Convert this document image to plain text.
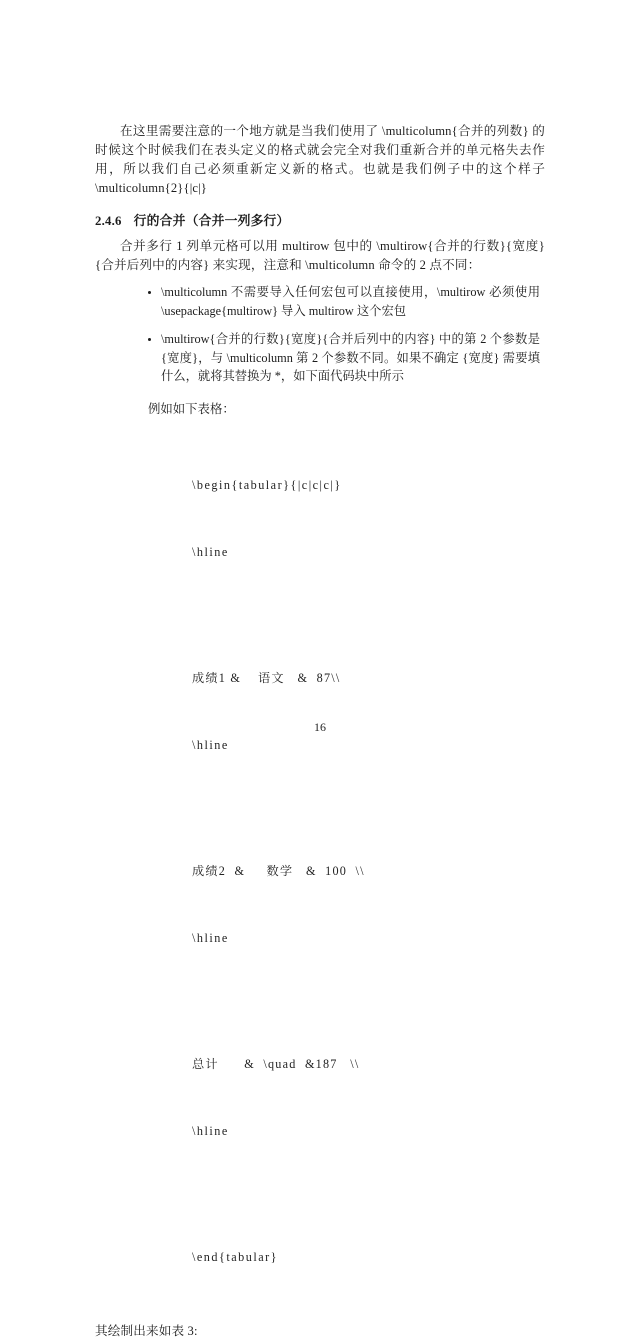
在这里需要注意的一个地方就是当我们使用了 \multicolumn{合并的列数} 的时候这个时候我们在表头定义的格式就会完全对我们重新合并的单元格失去作用，所以我们自己必须重新定义新的格式。也就是我们例子中的这个样子 \multicolumn{2}{|c|}

2.4.6 行的合并（合并一列多行）

合并多行 1 列单元格可以用 multirow 包中的 \multirow{合并的行数}{宽度}{合并后列中的内容} 来实现，注意和 \multicolumn 命令的 2 点不同：

\multicolumn 不需要导入任何宏包可以直接使用，\multirow 必须使用 \usepackage{multirow} 导入 multirow 这个宏包
\multirow{合并的行数}{宽度}{合并后列中的内容} 中的第 2 个参数是 {宽度}，与 \multicolumn 第 2 个参数不同。如果不确定 {宽度} 需要填什么，就将其替换为 *，如下面代码块中所示

例如如下表格：

\begin{tabular}{|c|c|c|}

\hline

成绩1 &    语文   &  87\\

\hline

成绩2  &     数学   &  100  \\

\hline

总计      &  \quad  &187   \\

\hline

\end{tabular}

其绘制出来如表 3:

16
